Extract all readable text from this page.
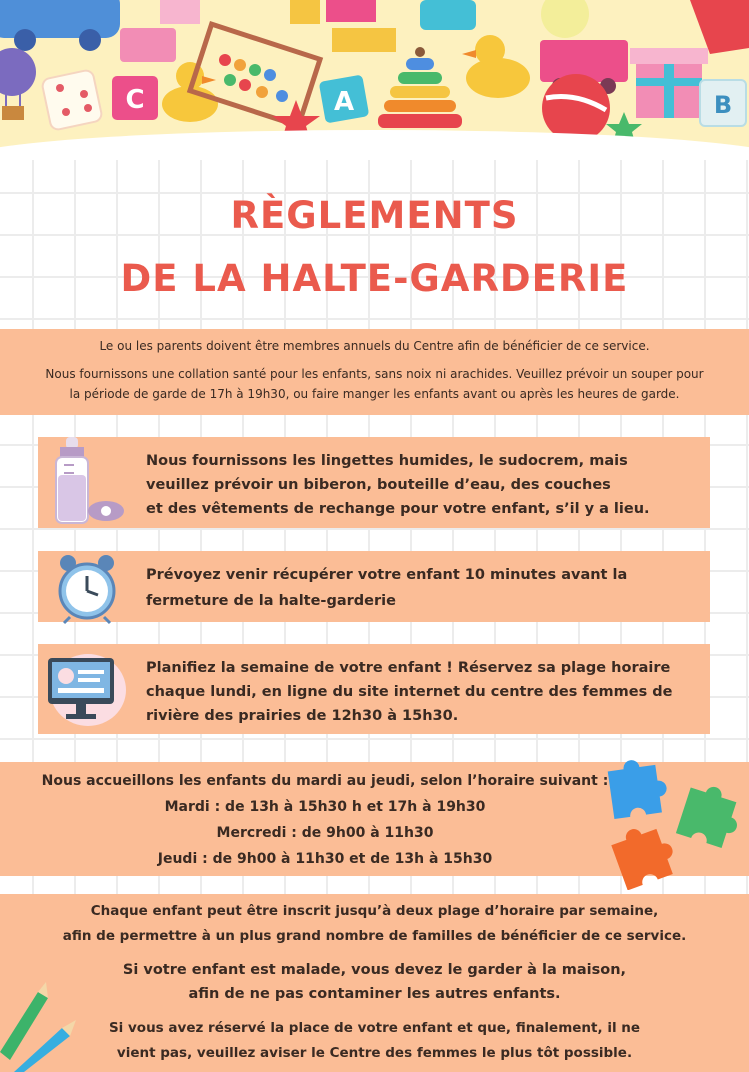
C	A	B
RÈGLEMENTS
DE LA HALTE-GARDERIE

Le ou les parents doivent être membres annuels du Centre afin de bénéficier de ce service.

Nous fournissons une collation santé pour les enfants, sans noix ni arachides. Veuillez prévoir un souper pour

la période de garde de 17h à 19h30, ou faire manger les enfants avant ou après les heures de garde.

Nous fournissons les lingettes humides, le sudocrem, mais
veuillez prévoir un biberon, bouteille d’eau, des couches
et des vêtements de rechange pour votre enfant, s’il y a lieu.
Prévoyez venir récupérer votre enfant 10 minutes avant la
fermeture de la halte-garderie
Planifiez la semaine de votre enfant ! Réservez sa plage horaire
chaque lundi, en ligne du site internet du centre des femmes de
rivière des prairies de 12h30 à 15h30.
Nous accueillons les enfants du mardi au jeudi, selon l’horaire suivant :
Mardi : de 13h à 15h30 h et 17h à 19h30
Mercredi : de 9h00 à 11h30
Jeudi : de 9h00 à 11h30 et de 13h à 15h30
Chaque enfant peut être inscrit jusqu’à deux plage d’horaire par semaine,
afin de permettre à un plus grand nombre de familles de bénéficier de ce service.
Si votre enfant est malade, vous devez le garder à la maison,
afin de ne pas contaminer les autres enfants.
Si vous avez réservé la place de votre enfant et que, finalement, il ne
vient pas, veuillez aviser le Centre des femmes le plus tôt possible.
